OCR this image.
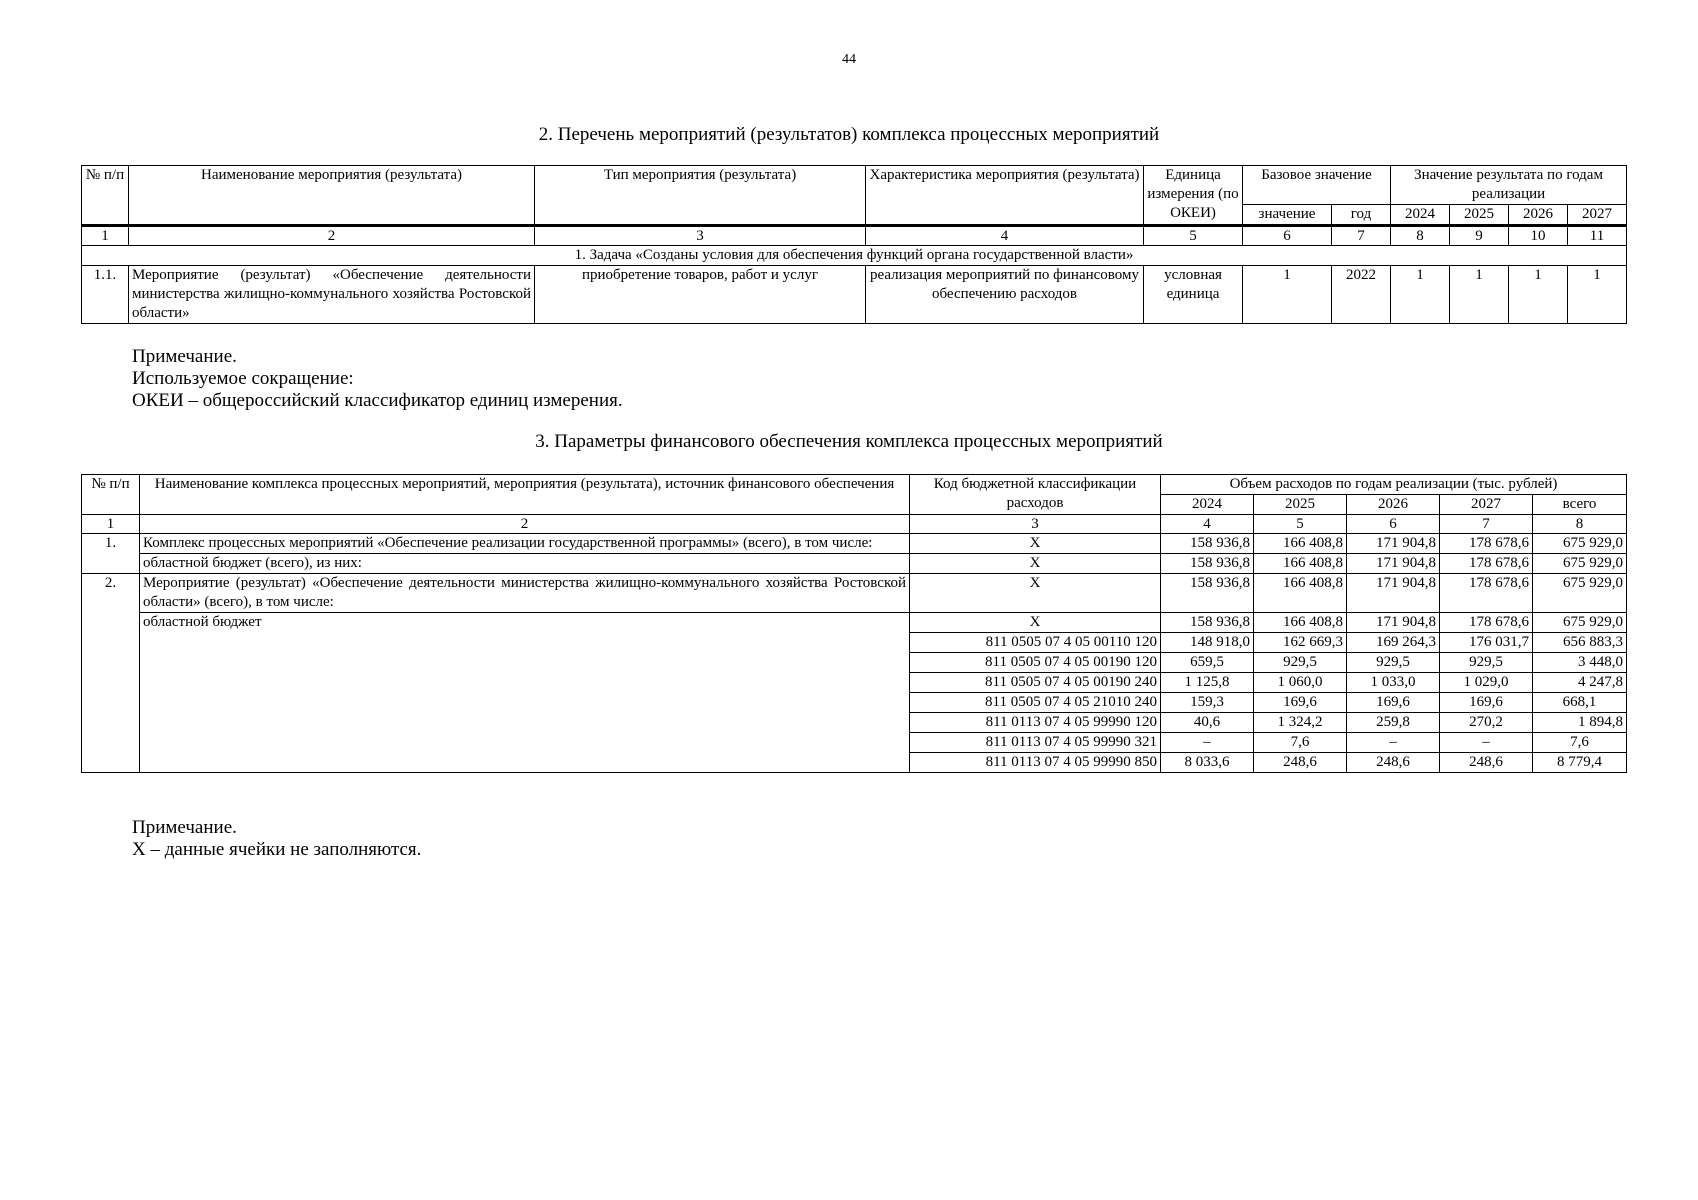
44
2. Перечень мероприятий (результатов) комплекса процессных мероприятий
№ п/п	Наименование мероприятия (результата)	Тип мероприятия (результата)	Характеристика мероприятия (результата)	Единица измерения (по ОКЕИ)	Базовое значение		Значение результата по годам реализации			
					значение	год	2024	2025	2026	2027
1	2	3	4	5	6	7	8	9	10	11
1. Задача «Созданы условия для обеспечения функций органа государственной власти»										
1.1.	Мероприятие (результат) «Обеспечение деятельности министерства жилищно-коммунального хозяйства Ростовской области»	приобретение товаров, работ и услуг	реализация мероприятий по финансовому обеспечению расходов	условная единица	1	2022	1	1	1	1
Примечание.
Используемое сокращение:
ОКЕИ – общероссийский классификатор единиц измерения.
3. Параметры финансового обеспечения комплекса процессных мероприятий
№ п/п	Наименование комплекса процессных мероприятий, мероприятия (результата), источник финансового обеспечения	Код бюджетной классификации расходов	Объем расходов по годам реализации (тыс. рублей)				
			2024	2025	2026	2027	всего
1	2	3	4	5	6	7	8
1.	Комплекс процессных мероприятий «Обеспечение реализации государственной программы» (всего), в том числе:	Х	158 936,8	166 408,8	171 904,8	178 678,6	675 929,0
	областной бюджет (всего), из них:	Х	158 936,8	166 408,8	171 904,8	178 678,6	675 929,0
2.	Мероприятие (результат) «Обеспечение деятельности министерства жилищно-коммунального хозяйства Ростовской области» (всего), в том числе:	Х	158 936,8	166 408,8	171 904,8	178 678,6	675 929,0
	областной бюджет	Х	158 936,8	166 408,8	171 904,8	178 678,6	675 929,0
		811 0505 07 4 05 00110 120	148 918,0	162 669,3	169 264,3	176 031,7	656 883,3
		811 0505 07 4 05 00190 120	659,5	929,5	929,5	929,5	3 448,0
		811 0505 07 4 05 00190 240	1 125,8	1 060,0	1 033,0	1 029,0	4 247,8
		811 0505 07 4 05 21010 240	159,3	169,6	169,6	169,6	668,1
		811 0113 07 4 05 99990 120	40,6	1 324,2	259,8	270,2	1 894,8
		811 0113 07 4 05 99990 321	–	7,6	–	–	7,6
		811 0113 07 4 05 99990 850	8 033,6	248,6	248,6	248,6	8 779,4
Примечание.
Х – данные ячейки не заполняются.
